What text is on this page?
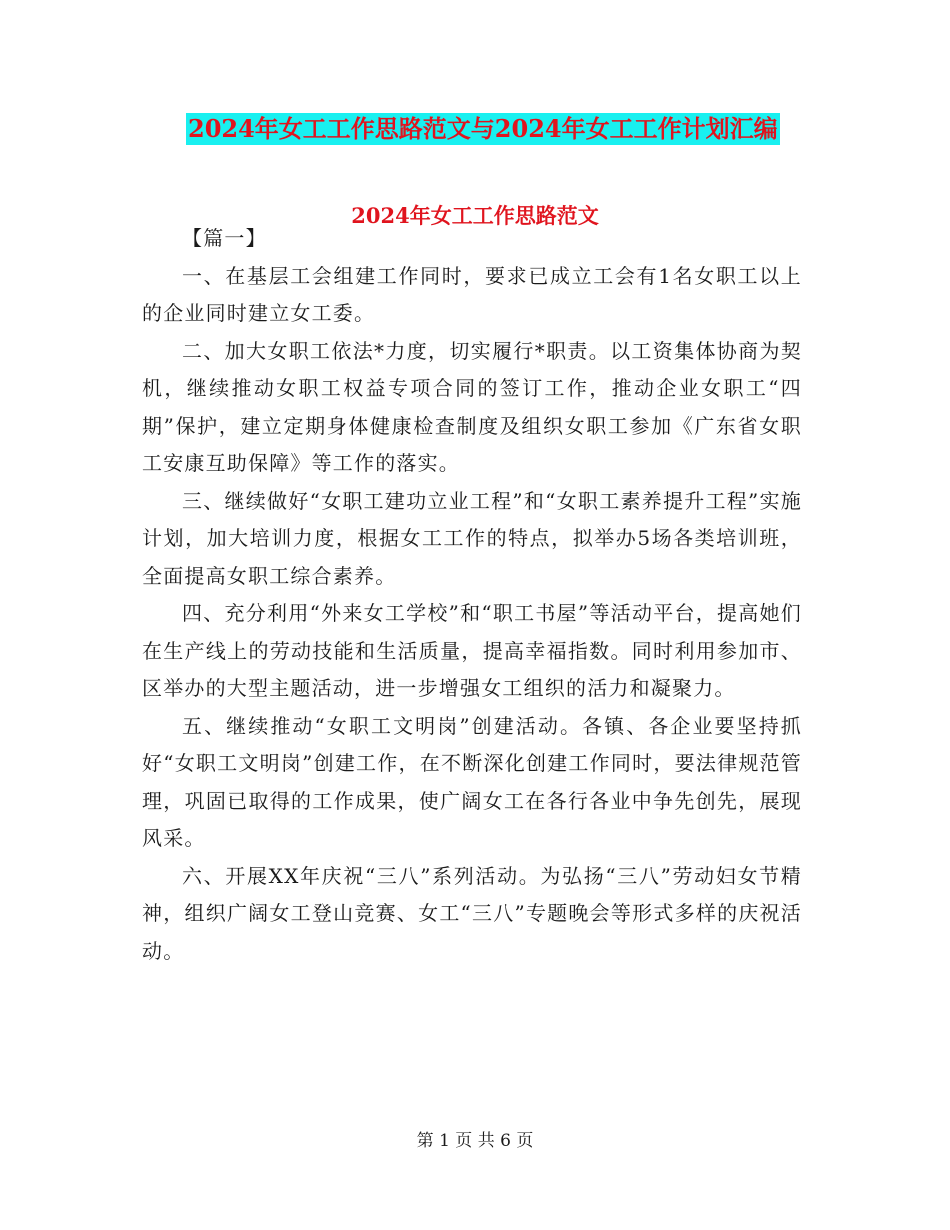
2024年女工工作思路范文与2024年女工工作计划汇编
2024年女工工作思路范文

【篇一】

一、在基层工会组建工作同时，要求已成立工会有1名女职工以上的企业同时建立女工委。

二、加大女职工依法*力度，切实履行*职责。以工资集体协商为契机，继续推动女职工权益专项合同的签订工作，推动企业女职工“四期”保护，建立定期身体健康检查制度及组织女职工参加《广东省女职工安康互助保障》等工作的落实。

三、继续做好“女职工建功立业工程”和“女职工素养提升工程”实施计划，加大培训力度，根据女工工作的特点，拟举办5场各类培训班，全面提高女职工综合素养。

四、充分利用“外来女工学校”和“职工书屋”等活动平台，提高她们在生产线上的劳动技能和生活质量，提高幸福指数。同时利用参加市、区举办的大型主题活动，进一步增强女工组织的活力和凝聚力。

五、继续推动“女职工文明岗”创建活动。各镇、各企业要坚持抓好“女职工文明岗”创建工作，在不断深化创建工作同时，要法律规范管理，巩固已取得的工作成果，使广阔女工在各行各业中争先创先，展现风采。

六、开展XX年庆祝“三八”系列活动。为弘扬“三八”劳动妇女节精神，组织广阔女工登山竞赛、女工“三八”专题晚会等形式多样的庆祝活动。

第 1 页 共 6 页
